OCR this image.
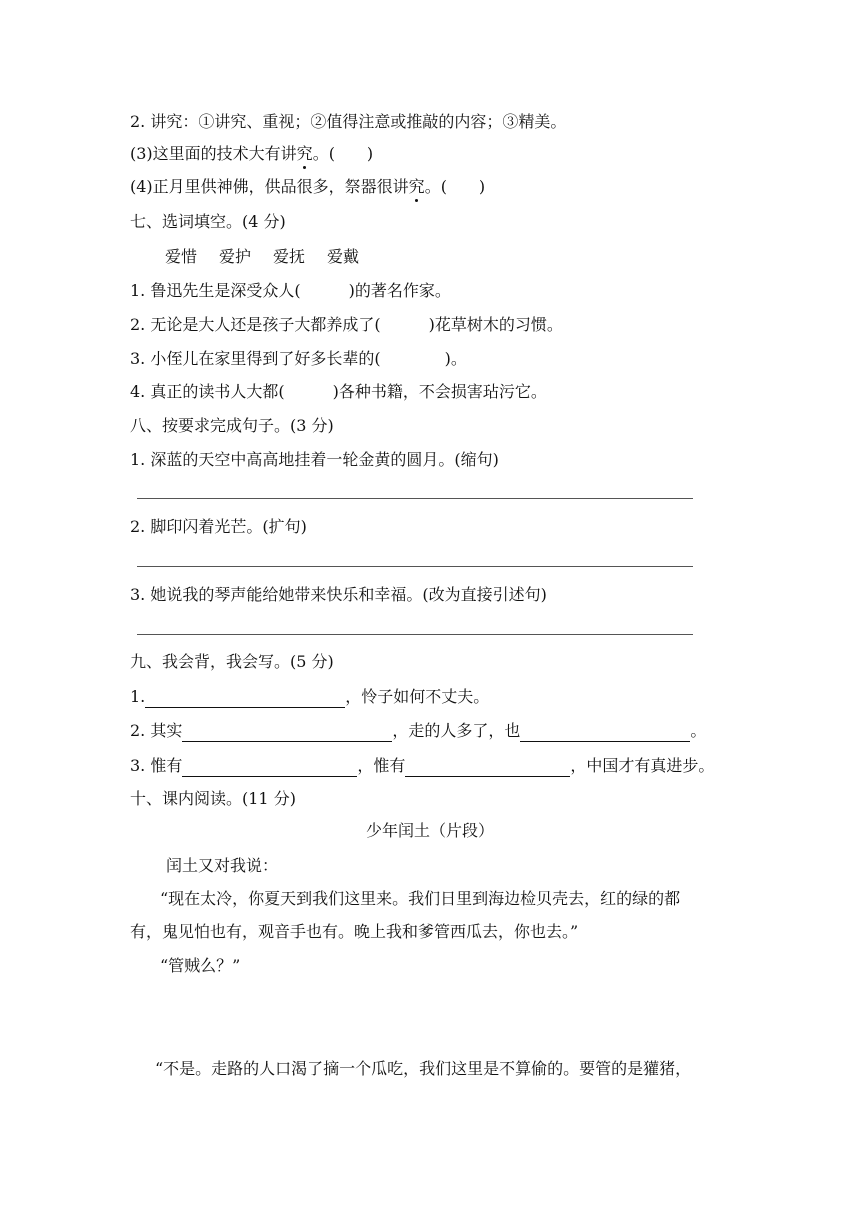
2. 讲究：①讲究、重视；②值得注意或推敲的内容；③精美。
(3)这里面的技术大有讲究。(　　)
(4)正月里供神佛，供品很多，祭器很讲究。(　　)
七、选词填空。(4 分)
爱惜 爱护 爱抚 爱戴
1. 鲁迅先生是深受众人(　　　)的著名作家。
2. 无论是大人还是孩子大都养成了(　　　)花草树木的习惯。
3. 小侄儿在家里得到了好多长辈的(　　　　)。
4. 真正的读书人大都(　　　)各种书籍，不会损害玷污它。
八、按要求完成句子。(3 分)
1. 深蓝的天空中高高地挂着一轮金黄的圆月。(缩句)
2. 脚印闪着光芒。(扩句)
3. 她说我的琴声能给她带来快乐和幸福。(改为直接引述句)
九、我会背，我会写。(5 分)
1.	，怜子如何不丈夫。
2. 其实	，走的人多了，也	。
3. 惟有	，惟有	，中国才有真进步。
十、课内阅读。(11 分)
少年闰土（片段）
闰土又对我说：
“现在太冷，你夏天到我们这里来。我们日里到海边检贝壳去，红的绿的都
有，鬼见怕也有，观音手也有。晚上我和爹管西瓜去，你也去。”
“管贼么？”
“不是。走路的人口渴了摘一个瓜吃，我们这里是不算偷的。要管的是獾猪，
